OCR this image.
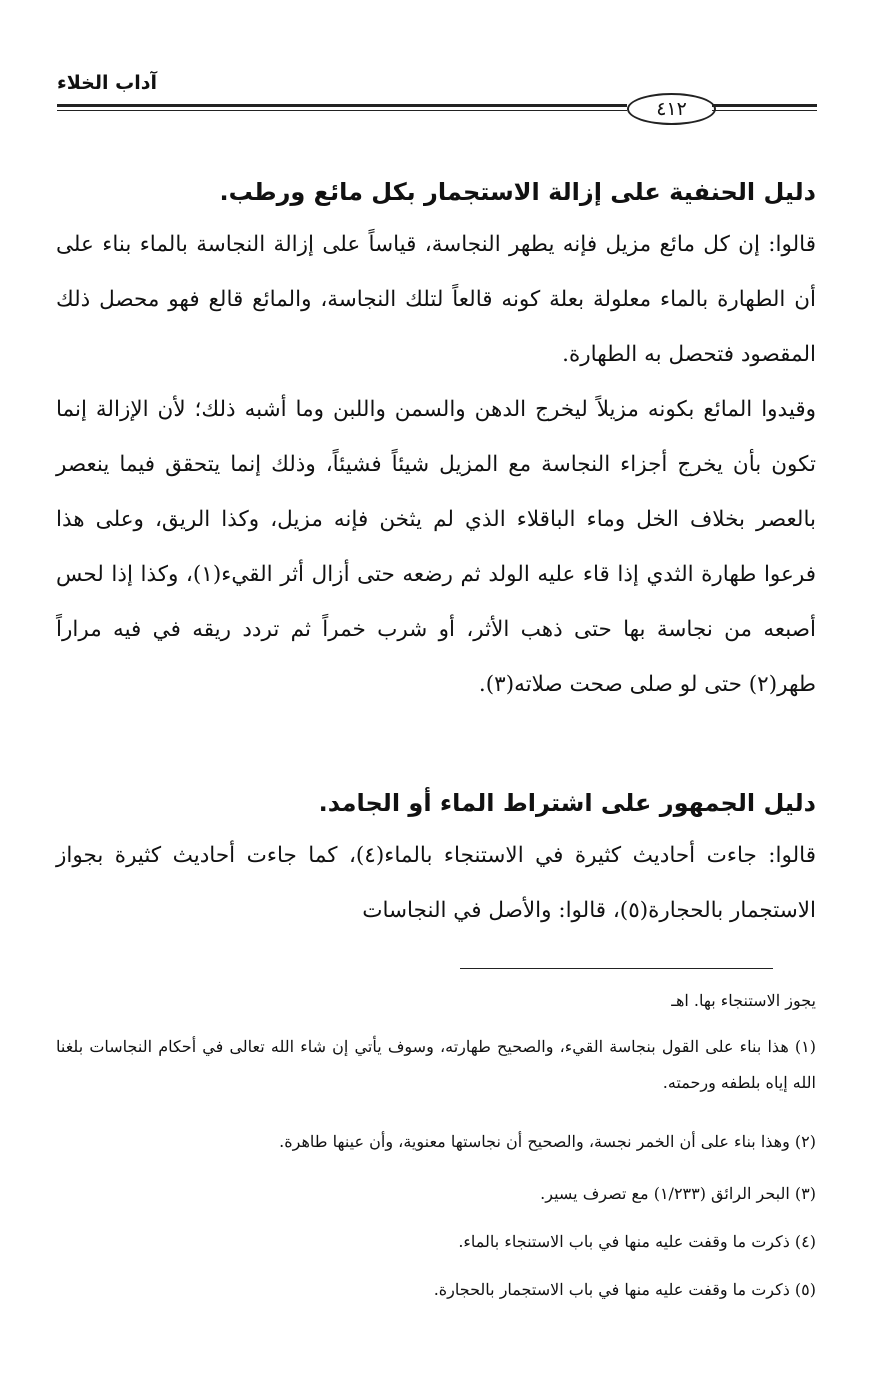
آداب الخلاء
٤١٢
دليل الحنفية على إزالة الاستجمار بكل مائع ورطب.

قالوا: إن كل مائع مزيل فإنه يطهر النجاسة، قياساً على إزالة النجاسة بالماء بناء على أن الطهارة بالماء معلولة بعلة كونه قالعاً لتلك النجاسة، والمائع قالع فهو محصل ذلك المقصود فتحصل به الطهارة.

وقيدوا المائع بكونه مزيلاً ليخرج الدهن والسمن واللبن وما أشبه ذلك؛ لأن الإزالة إنما تكون بأن يخرج أجزاء النجاسة مع المزيل شيئاً فشيئاً، وذلك إنما يتحقق فيما ينعصر بالعصر بخلاف الخل وماء الباقلاء الذي لم يثخن فإنه مزيل، وكذا الريق، وعلى هذا فرعوا طهارة الثدي إذا قاء عليه الولد ثم رضعه حتى أزال أثر القيء(١)، وكذا إذا لحس أصبعه من نجاسة بها حتى ذهب الأثر، أو شرب خمراً ثم تردد ريقه في فيه مراراً طهر(٢) حتى لو صلى صحت صلاته(٣).

دليل الجمهور على اشتراط الماء أو الجامد.

قالوا: جاءت أحاديث كثيرة في الاستنجاء بالماء(٤)، كما جاءت أحاديث كثيرة بجواز الاستجمار بالحجارة(٥)، قالوا: والأصل في النجاسات

يجوز الاستنجاء بها. اهـ

(١) هذا بناء على القول بنجاسة القيء، والصحيح طهارته، وسوف يأتي إن شاء الله تعالى في أحكام النجاسات بلغنا الله إياه بلطفه ورحمته.

(٢) وهذا بناء على أن الخمر نجسة، والصحيح أن نجاستها معنوية، وأن عينها طاهرة.

(٣) البحر الرائق (١/٢٣٣) مع تصرف يسير.

(٤) ذكرت ما وقفت عليه منها في باب الاستنجاء بالماء.

(٥) ذكرت ما وقفت عليه منها في باب الاستجمار بالحجارة.
